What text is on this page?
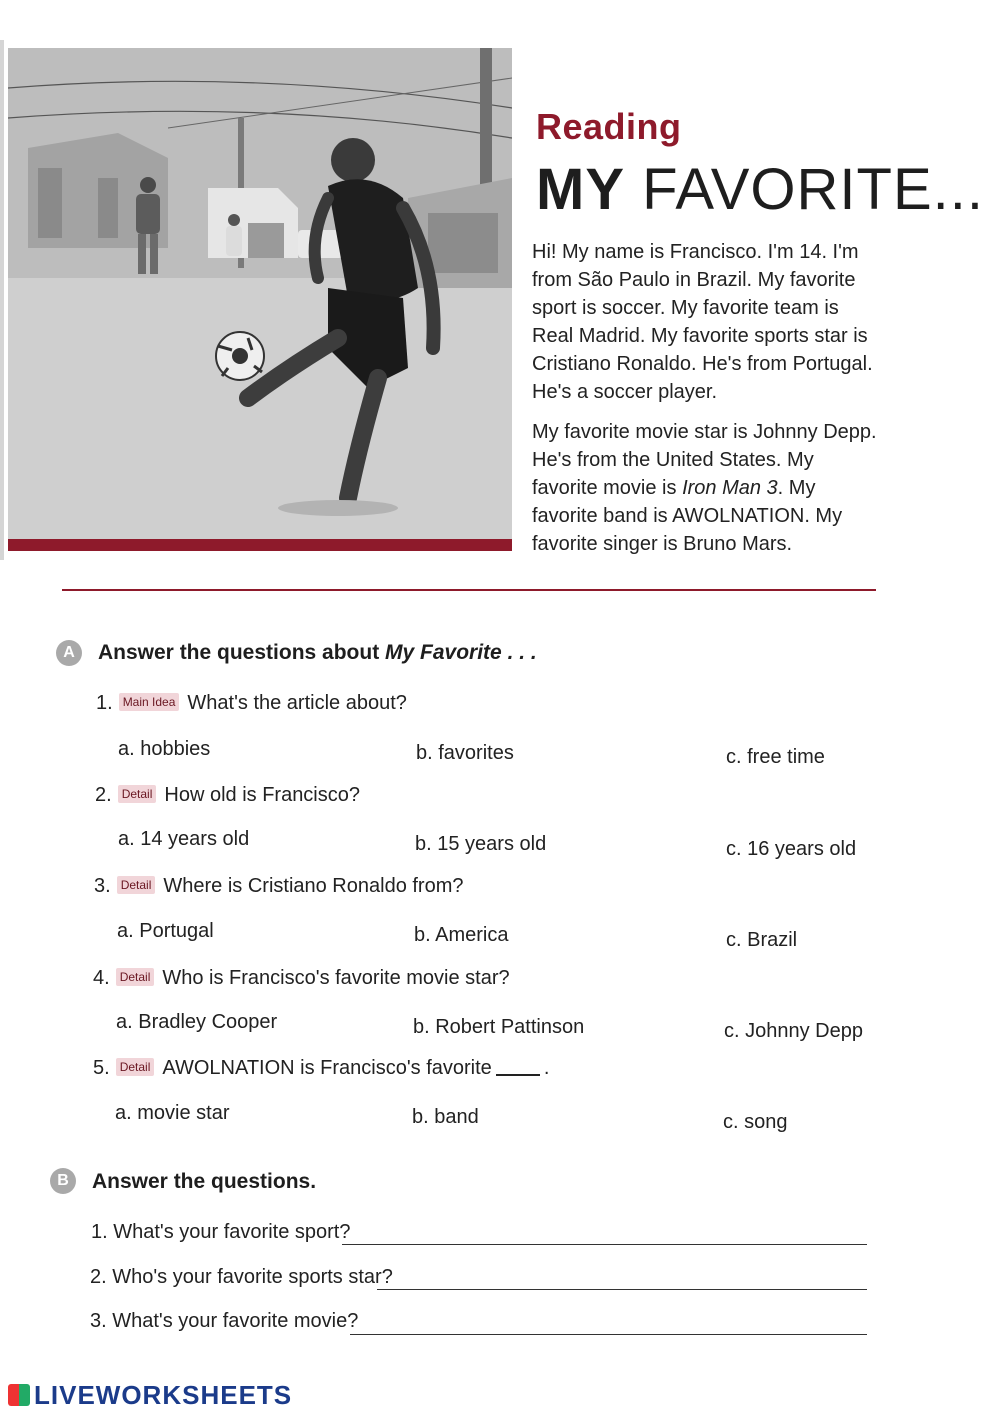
Reading
MY FAVORITE...

Hi! My name is Francisco. I'm 14. I'm from São Paulo in Brazil. My favorite sport is soccer. My favorite team is Real Madrid. My favorite sports star is Cristiano Ronaldo. He's from Portugal. He's a soccer player.

My favorite movie star is Johnny Depp. He's from the United States. My favorite movie is Iron Man 3. My favorite band is AWOLNATION. My favorite singer is Bruno Mars.

A	Answer the questions about My Favorite . . .
1. Main Idea What's the article about?
a. hobbies	b. favorites	c. free time
2. Detail How old is Francisco?
a. 14 years old	b. 15 years old	c. 16 years old
3. Detail Where is Cristiano Ronaldo from?
a. Portugal	b. America	c. Brazil
4. Detail Who is Francisco's favorite movie star?
a. Bradley Cooper	b. Robert Pattinson	c. Johnny Depp
5. Detail AWOLNATION is Francisco's favorite	.
a. movie star	b. band	c. song
B	Answer the questions.
1. What's your favorite sport?
2. Who's your favorite sports star?
3. What's your favorite movie?
LIVEWORKSHEETS
